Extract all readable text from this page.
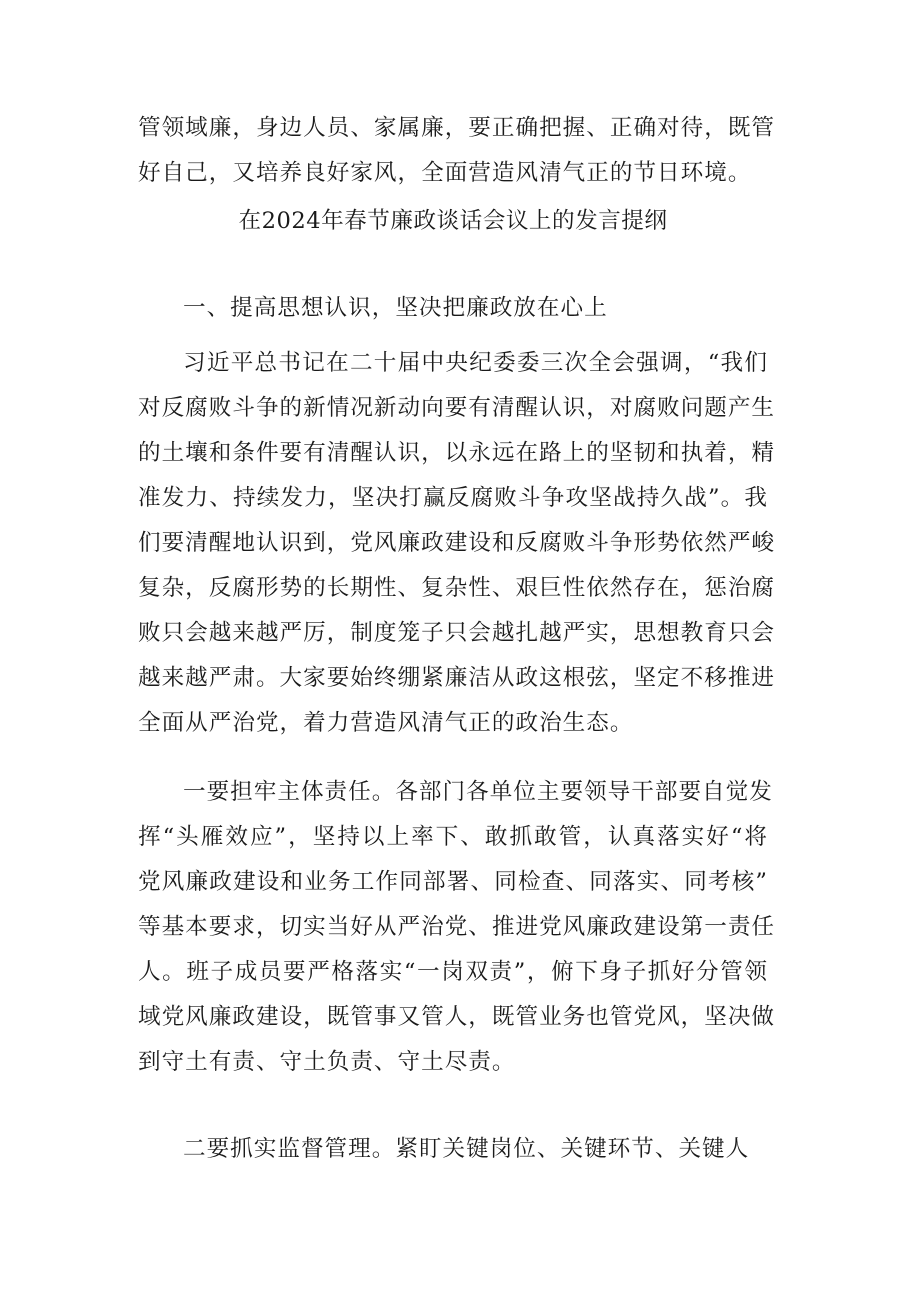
管领域廉，身边人员、家属廉，要正确把握、正确对待，既管
好自己，又培养良好家风，全面营造风清气正的节日环境。
在2024年春节廉政谈话会议上的发言提纲
一、提高思想认识，坚决把廉政放在心上
习近平总书记在二十届中央纪委委三次全会强调，“我们
对反腐败斗争的新情况新动向要有清醒认识，对腐败问题产生
的土壤和条件要有清醒认识，以永远在路上的坚韧和执着，精
准发力、持续发力，坚决打赢反腐败斗争攻坚战持久战”。我
们要清醒地认识到，党风廉政建设和反腐败斗争形势依然严峻
复杂，反腐形势的长期性、复杂性、艰巨性依然存在，惩治腐
败只会越来越严厉，制度笼子只会越扎越严实，思想教育只会
越来越严肃。大家要始终绷紧廉洁从政这根弦，坚定不移推进
全面从严治党，着力营造风清气正的政治生态。
一要担牢主体责任。各部门各单位主要领导干部要自觉发
挥“头雁效应”，坚持以上率下、敢抓敢管，认真落实好“将
党风廉政建设和业务工作同部署、同检查、同落实、同考核”
等基本要求，切实当好从严治党、推进党风廉政建设第一责任
人。班子成员要严格落实“一岗双责”，俯下身子抓好分管领
域党风廉政建设，既管事又管人，既管业务也管党风，坚决做
到守土有责、守土负责、守土尽责。
二要抓实监督管理。紧盯关键岗位、关键环节、关键人
